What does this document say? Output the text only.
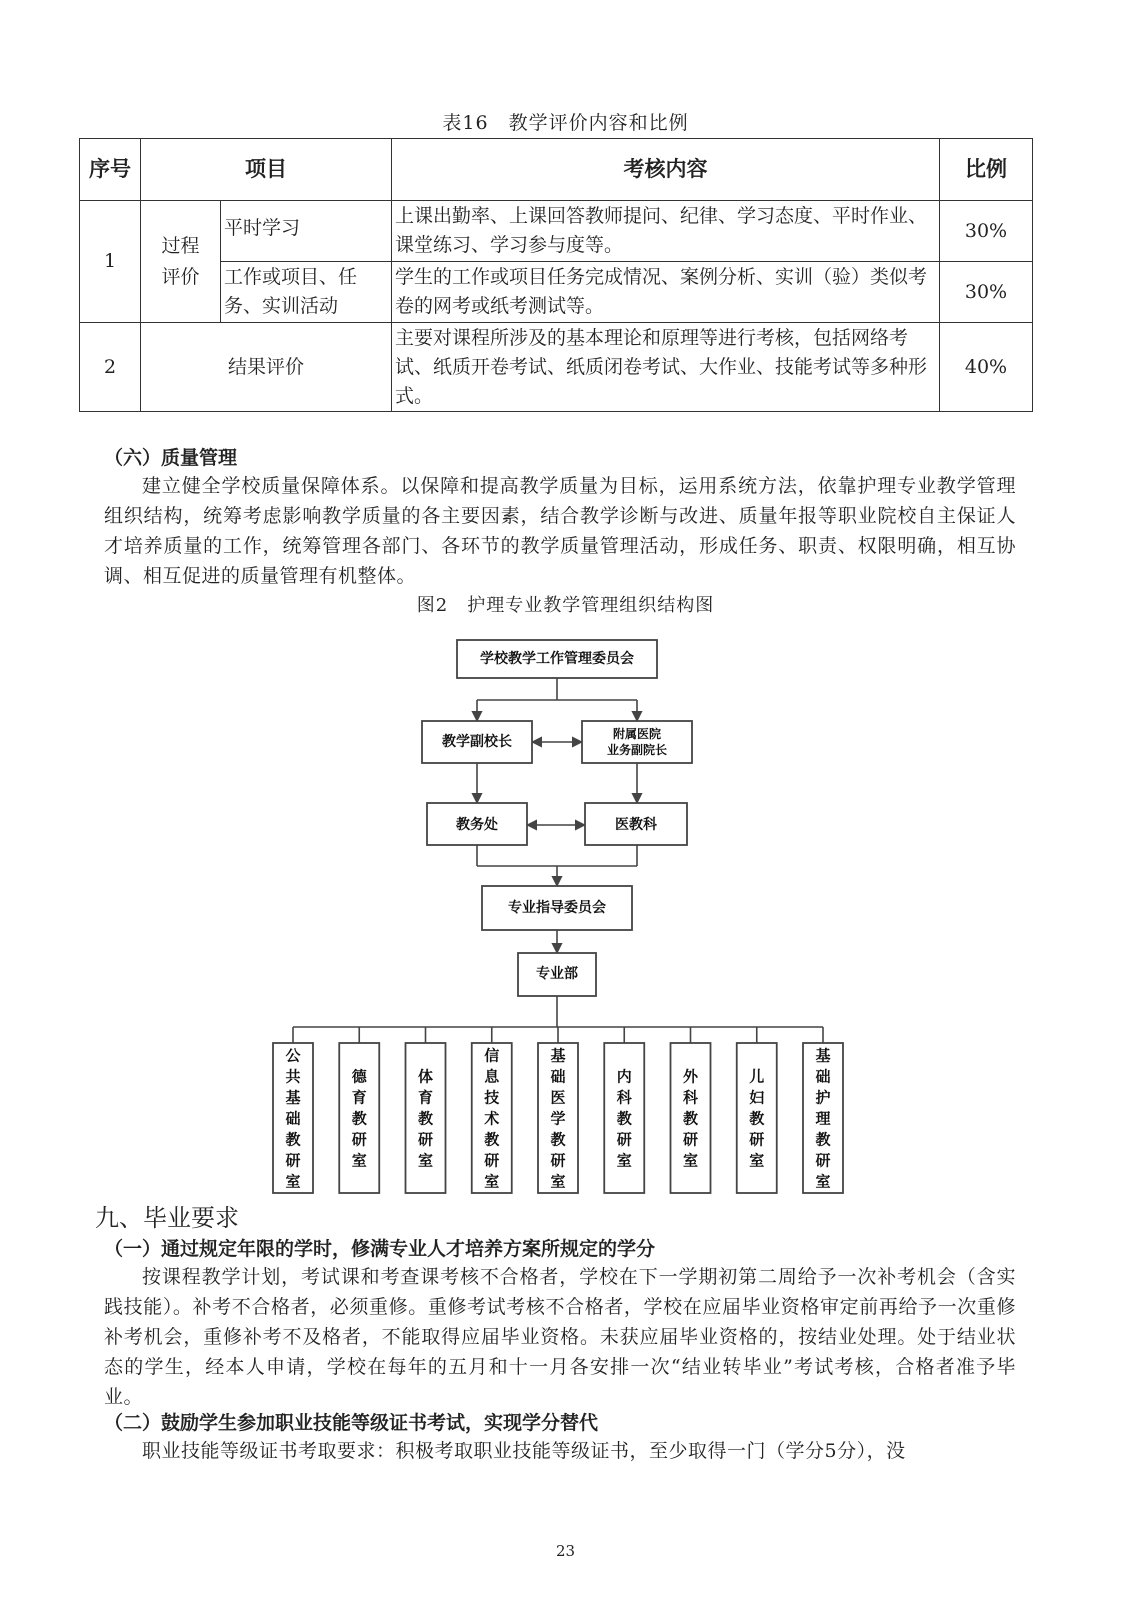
表16　教学评价内容和比例
序号	项目		考核内容	比例
1	过程评价	平时学习	上课出勤率、上课回答教师提问、纪律、学习态度、平时作业、课堂练习、学习参与度等。	30%
		工作或项目、任务、实训活动	学生的工作或项目任务完成情况、案例分析、实训（验）类似考卷的网考或纸考测试等。	30%
2	结果评价		主要对课程所涉及的基本理论和原理等进行考核，包括网络考试、纸质开卷考试、纸质闭卷考试、大作业、技能考试等多种形式。	40%
（六）质量管理
建立健全学校质量保障体系。以保障和提高教学质量为目标，运用系统方法，依靠护理专业教学管理组织结构，统筹考虑影响教学质量的各主要因素，结合教学诊断与改进、质量年报等职业院校自主保证人才培养质量的工作，统筹管理各部门、各环节的教学质量管理活动，形成任务、职责、权限明确，相互协调、相互促进的质量管理有机整体。
图2　护理专业教学管理组织结构图
学校教学工作管理委员会
教学副校长	附属医院
业务副院长
教务处	医教科
专业指导委员会
专业部
公共基础教研室
德育教研室
体育教研室
信息技术教研室
基础医学教研室
内科教研室
外科教研室
儿妇教研室
基础护理教研室
九、毕业要求
（一）通过规定年限的学时，修满专业人才培养方案所规定的学分
按课程教学计划，考试课和考查课考核不合格者，学校在下一学期初第二周给予一次补考机会（含实践技能）。补考不合格者，必须重修。重修考试考核不合格者，学校在应届毕业资格审定前再给予一次重修补考机会，重修补考不及格者，不能取得应届毕业资格。未获应届毕业资格的，按结业处理。处于结业状态的学生，经本人申请，学校在每年的五月和十一月各安排一次“结业转毕业”考试考核，合格者准予毕业。
（二）鼓励学生参加职业技能等级证书考试，实现学分替代
职业技能等级证书考取要求：积极考取职业技能等级证书，至少取得一门（学分5分），没
23
